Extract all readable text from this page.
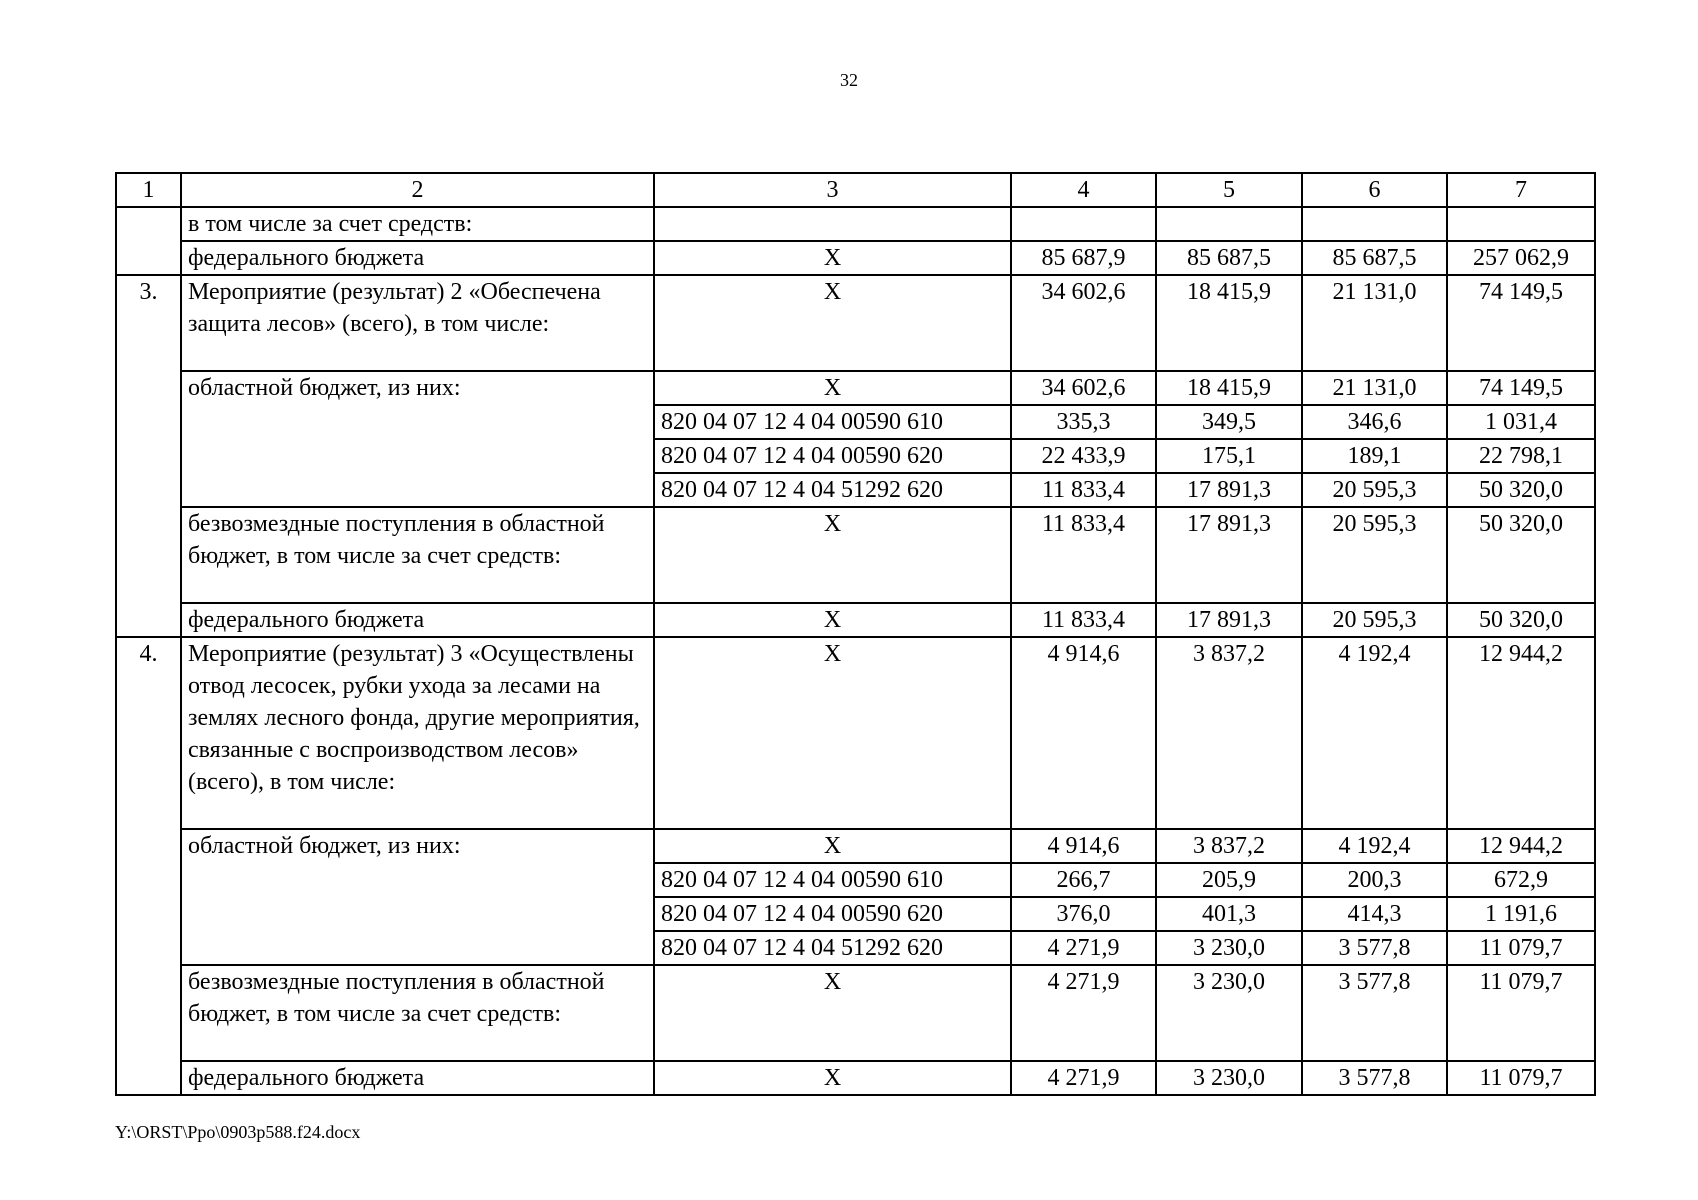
32
1	2	3	4	5	6	7
	в том числе за счет средств:					
	федерального бюджета	Х	85 687,9	85 687,5	85 687,5	257 062,9
3.	Мероприятие (результат) 2 «Обеспечена защита лесов» (всего), в том числе:	Х	34 602,6	18 415,9	21 131,0	74 149,5
	областной бюджет, из них:	Х	34 602,6	18 415,9	21 131,0	74 149,5
		820 04 07 12 4 04 00590 610	335,3	349,5	346,6	1 031,4
		820 04 07 12 4 04 00590 620	22 433,9	175,1	189,1	22 798,1
		820 04 07 12 4 04 51292 620	11 833,4	17 891,3	20 595,3	50 320,0
	безвозмездные поступления в областной бюджет, в том числе за счет средств:	Х	11 833,4	17 891,3	20 595,3	50 320,0
	федерального бюджета	Х	11 833,4	17 891,3	20 595,3	50 320,0
4.	Мероприятие (результат) 3 «Осуществлены отвод лесосек, рубки ухода за лесами на землях лесного фонда, другие мероприятия, связанные с воспроизводством лесов» (всего), в том числе:	Х	4 914,6	3 837,2	4 192,4	12 944,2
	областной бюджет, из них:	Х	4 914,6	3 837,2	4 192,4	12 944,2
		820 04 07 12 4 04 00590 610	266,7	205,9	200,3	672,9
		820 04 07 12 4 04 00590 620	376,0	401,3	414,3	1 191,6
		820 04 07 12 4 04 51292 620	4 271,9	3 230,0	3 577,8	11 079,7
	безвозмездные поступления в областной бюджет, в том числе за счет средств:	Х	4 271,9	3 230,0	3 577,8	11 079,7
	федерального бюджета	Х	4 271,9	3 230,0	3 577,8	11 079,7
Y:\ORST\Ppo\0903p588.f24.docx
